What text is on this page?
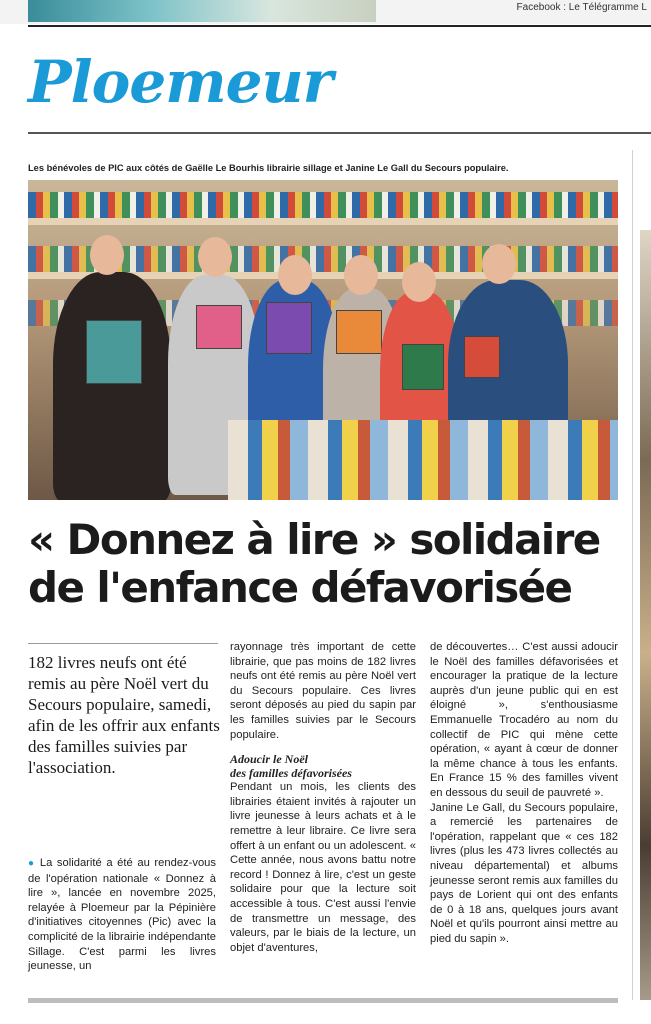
Facebook : Le Télégramme L
Ploemeur
Les bénévoles de PIC aux côtés de Gaëlle Le Bourhis librairie sillage et Janine Le Gall du Secours populaire.
« Donnez à lire » solidaire
de l'enfance défavorisée
182 livres neufs ont été remis au père Noël vert du Secours populaire, samedi, afin de les offrir aux enfants des familles suivies par l'association.

● La solidarité a été au rendez-vous de l'opération nationale « Donnez à lire », lancée en novembre 2025, relayée à Ploemeur par la Pépinière d'initiatives citoyennes (Pic) avec la complicité de la librairie indépendante Sillage. C'est parmi les livres jeunesse, un

rayonnage très important de cette librairie, que pas moins de 182 livres neufs ont été remis au père Noël vert du Secours populaire. Ces livres seront déposés au pied du sapin par les familles suivies par le Secours populaire.

Adoucir le Noël
des familles défavorisées

Pendant un mois, les clients des librairies étaient invités à rajouter un livre jeunesse à leurs achats et à le remettre à leur libraire. Ce livre sera offert à un enfant ou un adolescent. « Cette année, nous avons battu notre record ! Donnez à lire, c'est un geste solidaire pour que la lecture soit accessible à tous. C'est aussi l'envie de transmettre un message, des valeurs, par le biais de la lecture, un objet d'aventures,

de découvertes… C'est aussi adoucir le Noël des familles défavorisées et encourager la pratique de la lecture auprès d'un jeune public qui en est éloigné », s'enthousiasme Emmanuelle Trocadéro au nom du collectif de PIC qui mène cette opération, « ayant à cœur de donner la même chance à tous les enfants. En France 15 % des familles vivent en dessous du seuil de pauvreté ».

Janine Le Gall, du Secours populaire, a remercié les partenaires de l'opération, rappelant que « ces 182 livres (plus les 473 livres collectés au niveau départemental) et albums jeunesse seront remis aux familles du pays de Lorient qui ont des enfants de 0 à 18 ans, quelques jours avant Noël et qu'ils pourront ainsi mettre au pied du sapin ».
